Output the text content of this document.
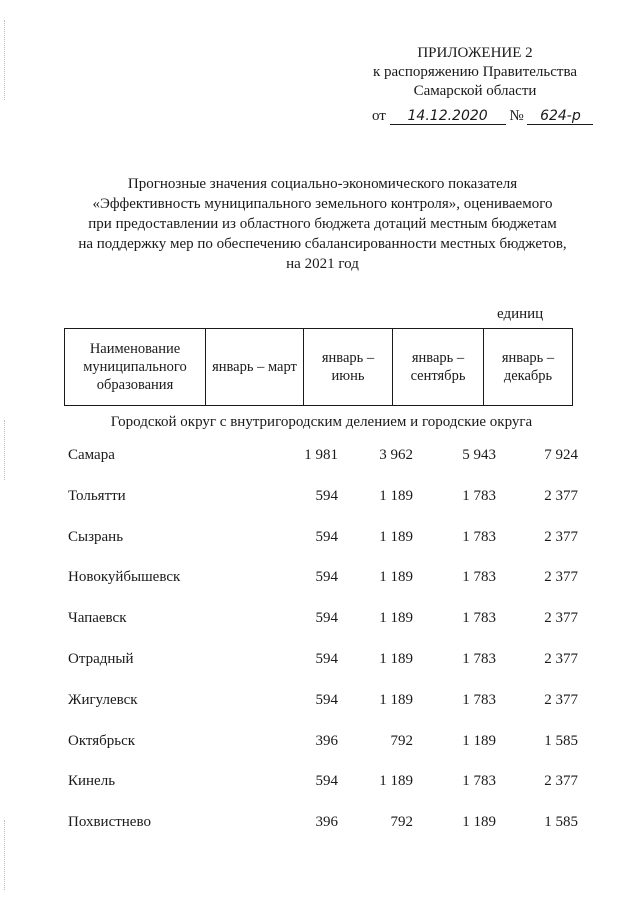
ПРИЛОЖЕНИЕ 2
к распоряжению Правительства
Самарской области
от 14.12.2020 № 624-р
Прогнозные значения социально-экономического показателя
«Эффективность муниципального земельного контроля», оцениваемого
при предоставлении из областного бюджета дотаций местным бюджетам
на поддержку мер по обеспечению сбалансированности местных бюджетов,
на 2021 год
единиц
Наименование муниципального образования	январь – март	январь – июнь	январь – сентябрь	январь – декабрь
Городской округ с внутригородским делением и городские округа
Самара	1 981	3 962	5 943	7 924
Тольятти	594	1 189	1 783	2 377
Сызрань	594	1 189	1 783	2 377
Новокуйбышевск	594	1 189	1 783	2 377
Чапаевск	594	1 189	1 783	2 377
Отрадный	594	1 189	1 783	2 377
Жигулевск	594	1 189	1 783	2 377
Октябрьск	396	792	1 189	1 585
Кинель	594	1 189	1 783	2 377
Похвистнево	396	792	1 189	1 585
